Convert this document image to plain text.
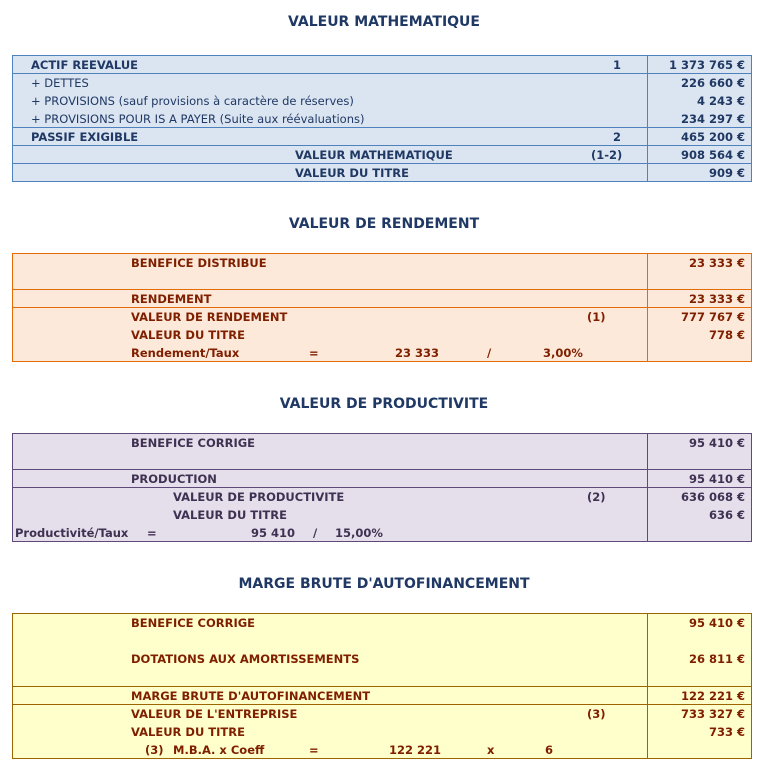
VALEUR MATHEMATIQUE
ACTIF REEVALUE	1	1 373 765 €
+ DETTES	226 660 €
+ PROVISIONS (sauf provisions à caractère de réserves)	4 243 €
+ PROVISIONS POUR IS A PAYER (Suite aux réévaluations)	234 297 €
PASSIF EXIGIBLE	2	465 200 €
VALEUR MATHEMATIQUE	(1-2)	908 564 €
VALEUR DU TITRE	909 €
VALEUR DE RENDEMENT
BENEFICE DISTRIBUE	23 333 €
RENDEMENT	23 333 €
VALEUR DE RENDEMENT	(1)	777 767 €
VALEUR DU TITRE	778 €
Rendement/Taux	=	23 333	/	3,00%
VALEUR DE PRODUCTIVITE
BENEFICE CORRIGE	95 410 €
PRODUCTION	95 410 €
VALEUR DE PRODUCTIVITE	(2)	636 068 €
VALEUR DU TITRE	636 €
Productivité/Taux =	95 410 / 15,00%
MARGE BRUTE D'AUTOFINANCEMENT
BENEFICE CORRIGE	95 410 €
DOTATIONS AUX AMORTISSEMENTS	26 811 €
MARGE BRUTE D'AUTOFINANCEMENT	122 221 €
VALEUR DE L'ENTREPRISE	(3)	733 327 €
VALEUR DU TITRE	733 €
(3) M.B.A. x Coeff	=	122 221	x	6
